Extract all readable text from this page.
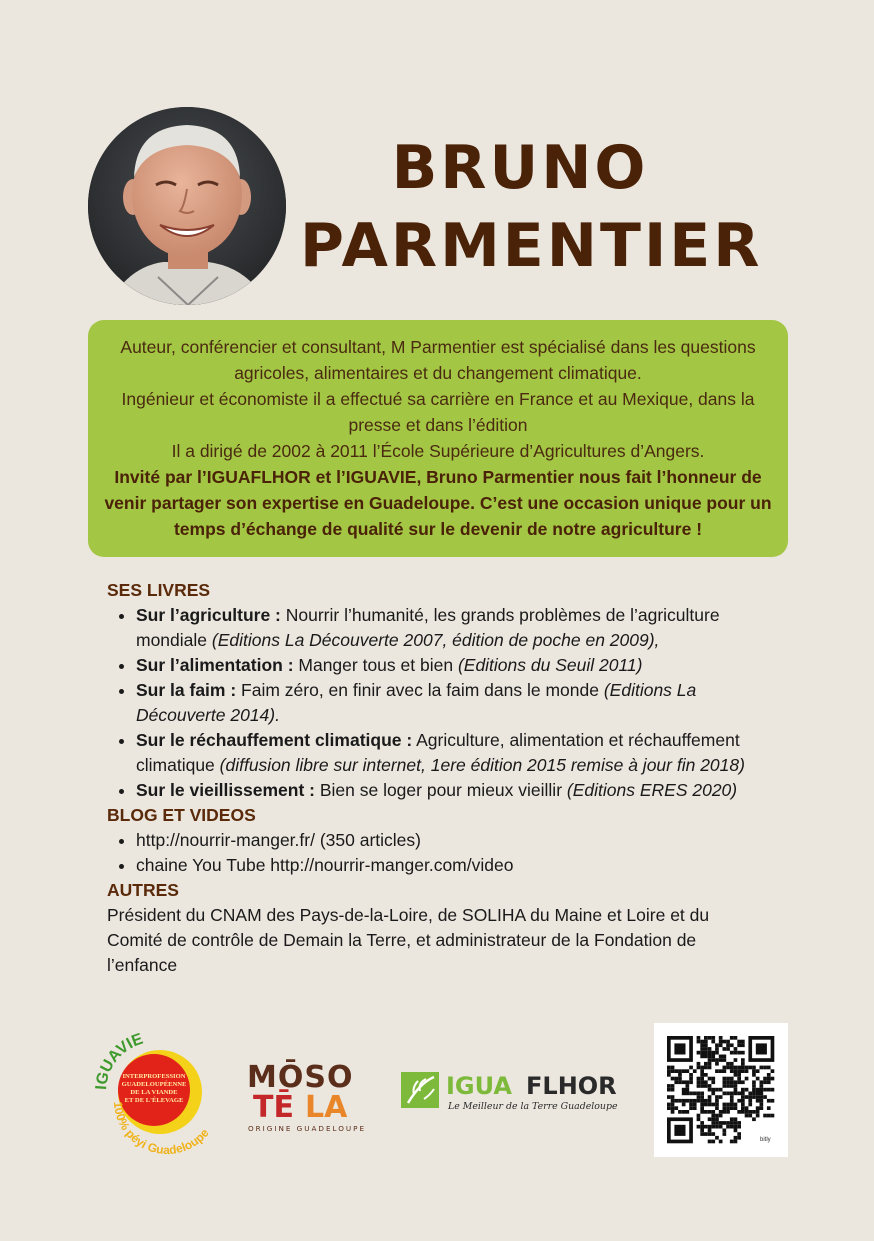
BRUNO
PARMENTIER

Auteur, conférencier et consultant, M Parmentier est spécialisé dans les questions agricoles, alimentaires et du changement climatique.

Ingénieur et économiste il a effectué sa carrière en France et au Mexique, dans la presse et dans l’édition

Il a dirigé de 2002 à 2011 l’École Supérieure d’Agricultures d’Angers.

Invité par l’IGUAFLHOR et l’IGUAVIE, Bruno Parmentier nous fait l’honneur de venir partager son expertise en Guadeloupe. C’est une occasion unique pour un temps d’échange de qualité sur le devenir de notre agriculture !

SES LIVRES

• Sur l’agriculture : Nourrir l’humanité, les grands problèmes de l’agriculture mondiale (Editions La Découverte 2007, édition de poche en 2009),
• Sur l’alimentation : Manger tous et bien (Editions du Seuil 2011)
• Sur la faim : Faim zéro, en finir avec la faim dans le monde (Editions La Découverte 2014).
• Sur le réchauffement climatique : Agriculture, alimentation et réchauffement climatique (diffusion libre sur internet, 1ere édition 2015 remise à jour fin 2018)
• Sur le vieillissement : Bien se loger pour mieux vieillir (Editions ERES 2020)

BLOG ET VIDEOS

• http://nourrir-manger.fr/ (350 articles)
• chaine You Tube http://nourrir-manger.com/video

AUTRES

Président du CNAM des Pays-de-la-Loire, de SOLIHA du Maine et Loire et du Comité de contrôle de Demain la Terre, et administrateur de la Fondation de l’enfance

IGUAVIE
INTERPROFESSION
GUADELOUPÉENNE
DE LA VIANDE
ET DE L'ÉLEVAGE
100% péyi Guadeloupe
MŌSO
TĒ LA
ORIGINE GUADELOUPE
IGUA FLHOR
Le Meilleur de la Terre Guadeloupe
bitly
